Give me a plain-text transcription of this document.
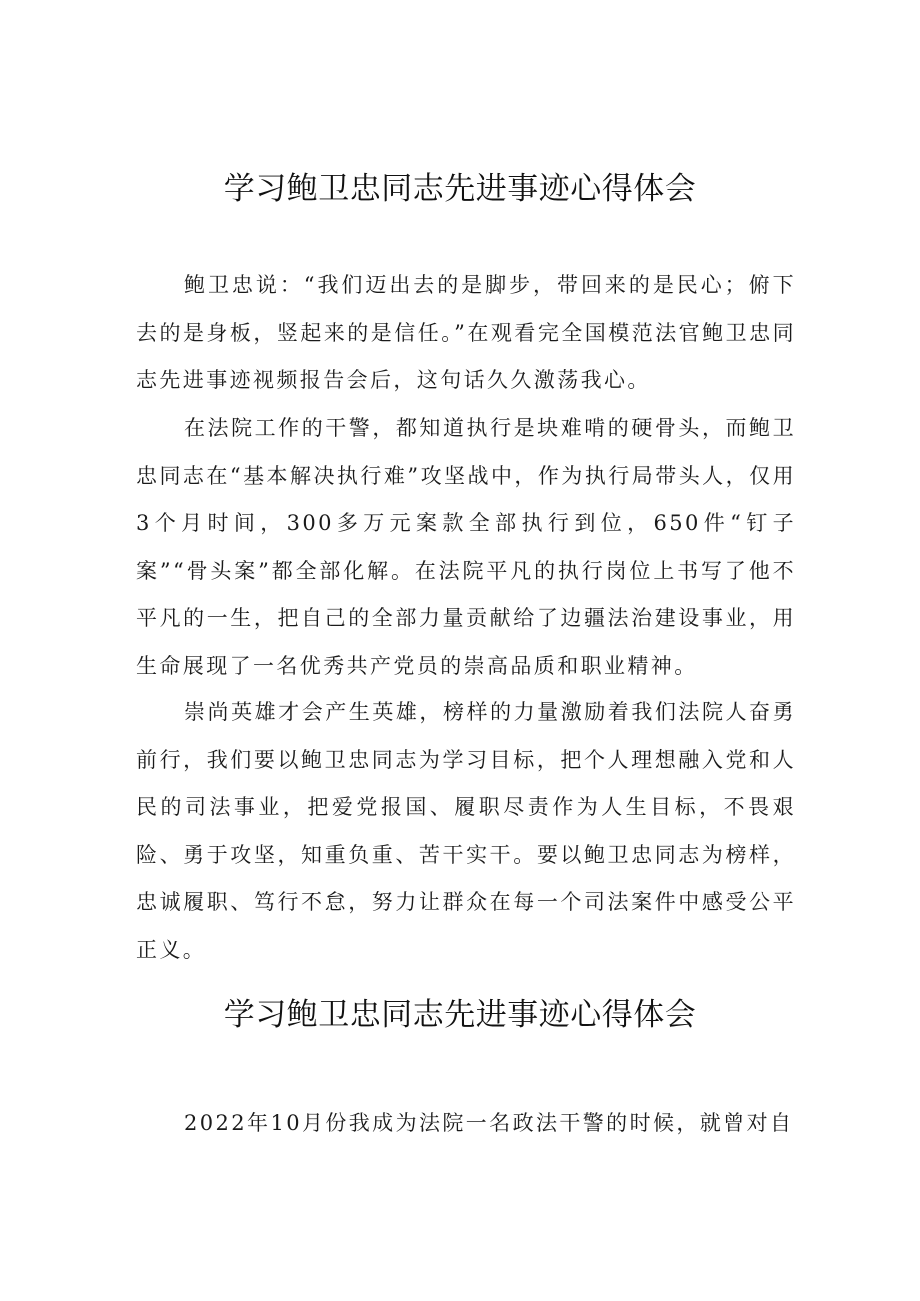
学习鲍卫忠同志先进事迹心得体会

鲍卫忠说：“我们迈出去的是脚步，带回来的是民心；俯下去的是身板，竖起来的是信任。”在观看完全国模范法官鲍卫忠同志先进事迹视频报告会后，这句话久久激荡我心。

在法院工作的干警，都知道执行是块难啃的硬骨头，而鲍卫忠同志在“基本解决执行难”攻坚战中，作为执行局带头人，仅用3个月时间，300多万元案款全部执行到位，650件“钉子案”“骨头案”都全部化解。在法院平凡的执行岗位上书写了他不平凡的一生，把自己的全部力量贡献给了边疆法治建设事业，用生命展现了一名优秀共产党员的崇高品质和职业精神。

崇尚英雄才会产生英雄，榜样的力量激励着我们法院人奋勇前行，我们要以鲍卫忠同志为学习目标，把个人理想融入党和人民的司法事业，把爱党报国、履职尽责作为人生目标，不畏艰险、勇于攻坚，知重负重、苦干实干。要以鲍卫忠同志为榜样，忠诚履职、笃行不怠，努力让群众在每一个司法案件中感受公平正义。

学习鲍卫忠同志先进事迹心得体会

2022年10月份我成为法院一名政法干警的时候，就曾对自
